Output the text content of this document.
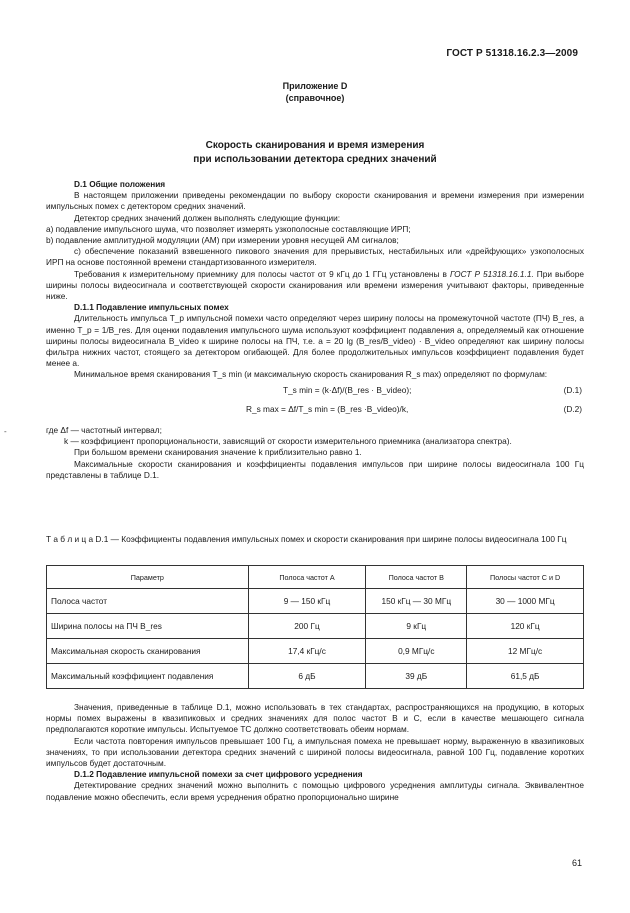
ГОСТ Р 51318.16.2.3—2009
Приложение D
(справочное)
Скорость сканирования и время измерения
при использовании детектора средних значений

D.1 Общие положения

В настоящем приложении приведены рекомендации по выбору скорости сканирования и времени измерения при измерении импульсных помех с детектором средних значений.

Детектор средних значений должен выполнять следующие функции:

а) подавление импульсного шума, что позволяет измерять узкополосные составляющие ИРП;

b) подавление амплитудной модуляции (АМ) при измерении уровня несущей АМ сигналов;

с) обеспечение показаний взвешенного пикового значения для прерывистых, нестабильных или «дрейфующих» узкополосных ИРП на основе постоянной времени стандартизованного измерителя.

Требования к измерительному приемнику для полосы частот от 9 кГц до 1 ГГц установлены в ГОСТ Р 51318.16.1.1. При выборе ширины полосы видеосигнала и соответствующей скорости сканирования или времени измерения учитывают факторы, приведенные ниже.

D.1.1 Подавление импульсных помех

Длительность импульса T_p импульсной помехи часто определяют через ширину полосы на промежуточной частоте (ПЧ) B_res, а именно T_p = 1/B_res. Для оценки подавления импульсного шума используют коэффициент подавления a, определяемый как отношение ширины полосы видеосигнала B_video к ширине полосы на ПЧ, т.е. a = 20 lg (B_res/B_video) · B_video определяют как ширину полосы фильтра нижних частот, стоящего за детектором огибающей. Для более продолжительных импульсов коэффициент подавления будет менее a.

Минимальное время сканирования T_s min (и максимальную скорость сканирования R_s max) определяют по формулам:

T_s min = (k·Δf)/(B_res · B_video);	(D.1)
R_s max = Δf/T_s min = (B_res ·B_video)/k,	(D.2)
-	где Δf — частотный интервал;

k — коэффициент пропорциональности, зависящий от скорости измерительного приемника (анализатора спектра).

При большом времени сканирования значение k приблизительно равно 1.

Максимальные скорости сканирования и коэффициенты подавления импульсов при ширине полосы видеосигнала 100 Гц представлены в таблице D.1.

Т а б л и ц а D.1 — Коэффициенты подавления импульсных помех и скорости сканирования при ширине полосы видеосигнала 100 Гц
Параметр	Полоса частот А	Полоса частот В	Полосы частот С и D
Полоса частот	9 — 150 кГц	150 кГц — 30 МГц	30 — 1000 МГц
Ширина полосы на ПЧ B_res	200 Гц	9 кГц	120 кГц
Максимальная скорость сканирования	17,4 кГц/с	0,9 МГц/с	12 МГц/с
Максимальный коэффициент подавления	6 дБ	39 дБ	61,5 дБ

Значения, приведенные в таблице D.1, можно использовать в тех стандартах, распространяющихся на продукцию, в которых нормы помех выражены в квазипиковых и средних значениях для полос частот В и С, если в качестве мешающего сигнала предполагаются короткие импульсы. Испытуемое ТС должно соответствовать обеим нормам.

Если частота повторения импульсов превышает 100 Гц, а импульсная помеха не превышает норму, выраженную в квазипиковых значениях, то при использовании детектора средних значений с шириной полосы видеосигнала, равной 100 Гц, подавление коротких импульсов будет достаточным.

D.1.2 Подавление импульсной помехи за счет цифрового усреднения

Детектирование средних значений можно выполнить с помощью цифрового усреднения амплитуды сигнала. Эквивалентное подавление можно обеспечить, если время усреднения обратно пропорционально ширине

61
